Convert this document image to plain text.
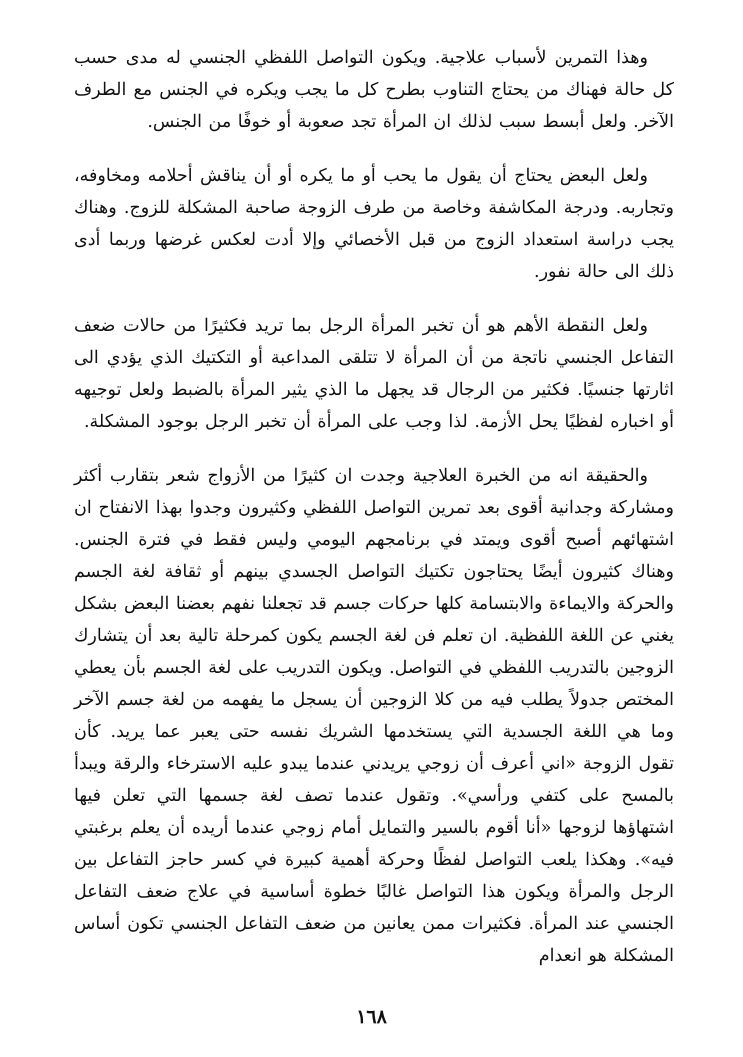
وهذا التمرين لأسباب علاجية. ويكون التواصل اللفظي الجنسي له مدى حسب كل حالة فهناك من يحتاج التناوب بطرح كل ما يجب ويكره في الجنس مع الطرف الآخر. ولعل أبسط سبب لذلك ان المرأة تجد صعوبة أو خوفًا من الجنس.

ولعل البعض يحتاج أن يقول ما يحب أو ما يكره أو أن يناقش أحلامه ومخاوفه، وتجاربه. ودرجة المكاشفة وخاصة من طرف الزوجة صاحبة المشكلة للزوج. وهناك يجب دراسة استعداد الزوج من قبل الأخصائي وإلا أدت لعكس غرضها وربما أدى ذلك الى حالة نفور.

ولعل النقطة الأهم هو أن تخبر المرأة الرجل بما تريد فكثيرًا من حالات ضعف التفاعل الجنسي ناتجة من أن المرأة لا تتلقى المداعبة أو التكتيك الذي يؤدي الى اثارتها جنسيًا. فكثير من الرجال قد يجهل ما الذي يثير المرأة بالضبط ولعل توجيهه أو اخباره لفظيًا يحل الأزمة. لذا وجب على المرأة أن تخبر الرجل بوجود المشكلة.

والحقيقة انه من الخبرة العلاجية وجدت ان كثيرًا من الأزواج شعر بتقارب أكثر ومشاركة وجدانية أقوى بعد تمرين التواصل اللفظي وكثيرون وجدوا بهذا الانفتاح ان اشتهائهم أصبح أقوى ويمتد في برنامجهم اليومي وليس فقط في فترة الجنس. وهناك كثيرون أيضًا يحتاجون تكتيك التواصل الجسدي بينهم أو ثقافة لغة الجسم والحركة والايماءة والابتسامة كلها حركات جسم قد تجعلنا نفهم بعضنا البعض بشكل يغني عن اللغة اللفظية. ان تعلم فن لغة الجسم يكون كمرحلة تالية بعد أن يتشارك الزوجين بالتدريب اللفظي في التواصل. ويكون التدريب على لغة الجسم بأن يعطي المختص جدولاً يطلب فيه من كلا الزوجين أن يسجل ما يفهمه من لغة جسم الآخر وما هي اللغة الجسدية التي يستخدمها الشريك نفسه حتى يعبر عما يريد. كأن تقول الزوجة «اني أعرف أن زوجي يريدني عندما يبدو عليه الاسترخاء والرقة ويبدأ بالمسح على كتفي ورأسي». وتقول عندما تصف لغة جسمها التي تعلن فيها اشتهاؤها لزوجها «أنا أقوم بالسير والتمايل أمام زوجي عندما أريده أن يعلم برغبتي فيه». وهكذا يلعب التواصل لفظًا وحركة أهمية كبيرة في كسر حاجز التفاعل بين الرجل والمرأة ويكون هذا التواصل غالبًا خطوة أساسية في علاج ضعف التفاعل الجنسي عند المرأة. فكثيرات ممن يعانين من ضعف التفاعل الجنسي تكون أساس المشكلة هو انعدام

١٦٨
